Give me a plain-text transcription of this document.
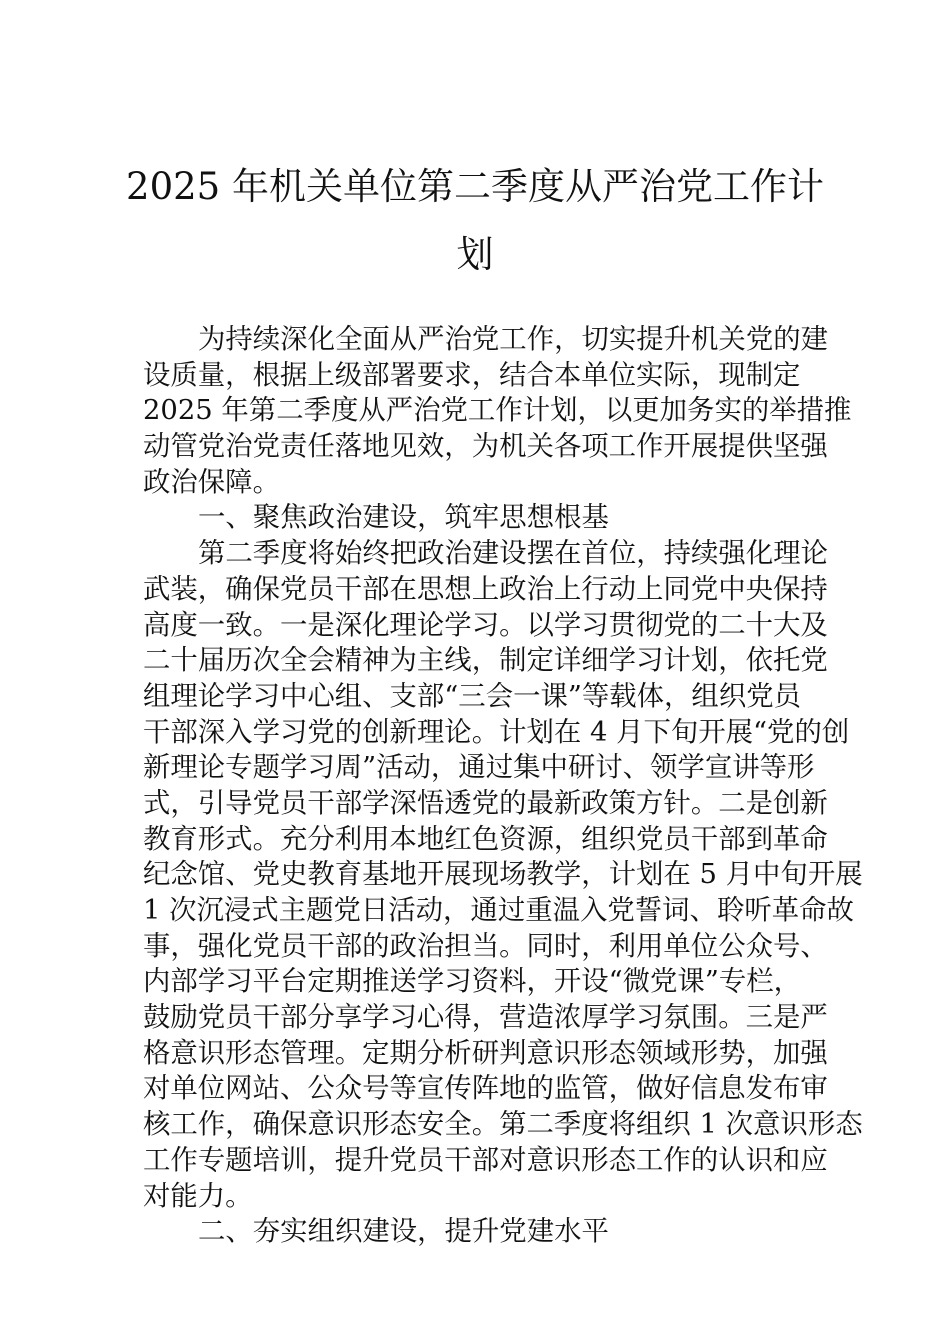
2025 年机关单位第二季度从严治党工作计
划
为持续深化全面从严治党工作，切实提升机关党的建
设质量，根据上级部署要求，结合本单位实际，现制定
2025 年第二季度从严治党工作计划，以更加务实的举措推
动管党治党责任落地见效，为机关各项工作开展提供坚强
政治保障。
一、聚焦政治建设，筑牢思想根基
第二季度将始终把政治建设摆在首位，持续强化理论
武装，确保党员干部在思想上政治上行动上同党中央保持
高度一致。一是深化理论学习。以学习贯彻党的二十大及
二十届历次全会精神为主线，制定详细学习计划，依托党
组理论学习中心组、支部“三会一课”等载体，组织党员
干部深入学习党的创新理论。计划在 4 月下旬开展“党的创
新理论专题学习周”活动，通过集中研讨、领学宣讲等形
式，引导党员干部学深悟透党的最新政策方针。二是创新
教育形式。充分利用本地红色资源，组织党员干部到革命
纪念馆、党史教育基地开展现场教学，计划在 5 月中旬开展
1 次沉浸式主题党日活动，通过重温入党誓词、聆听革命故
事，强化党员干部的政治担当。同时，利用单位公众号、
内部学习平台定期推送学习资料，开设“微党课”专栏，
鼓励党员干部分享学习心得，营造浓厚学习氛围。三是严
格意识形态管理。定期分析研判意识形态领域形势，加强
对单位网站、公众号等宣传阵地的监管，做好信息发布审
核工作，确保意识形态安全。第二季度将组织 1 次意识形态
工作专题培训，提升党员干部对意识形态工作的认识和应
对能力。
二、夯实组织建设，提升党建水平
